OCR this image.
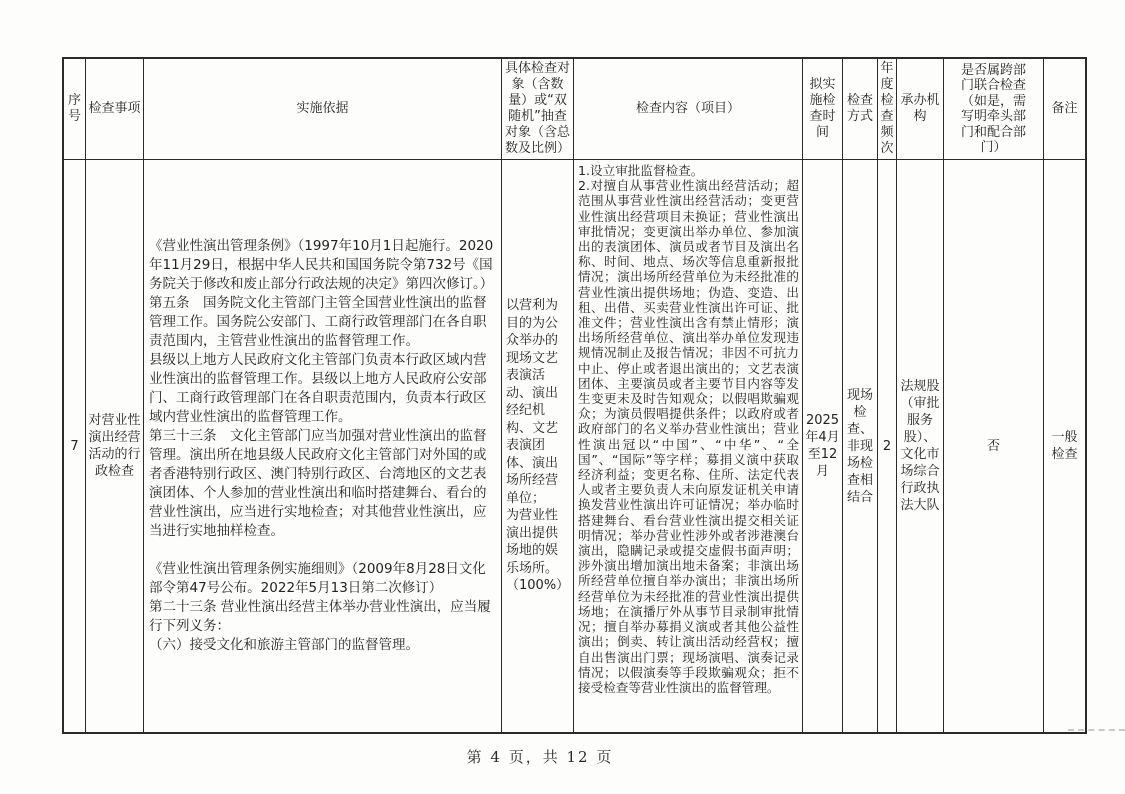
序号
检查事项	实施依据
具体检查对象（含数量）或“双随机”抽查对象（含总数及比例）
检查内容（项目）
拟实施检查时间
检查方式
年度检查频次
承办机构
是否属跨部门联合检查（如是，需写明牵头部门和配合部门）
备注
7
对营业性演出经营活动的行政检查
《营业性演出管理条例》（1997年10月1日起施行。2020年11月29日，根据中华人民共和国国务院令第732号《国务院关于修改和废止部分行政法规的决定》第四次修订。）
第五条　国务院文化主管部门主管全国营业性演出的监督管理工作。国务院公安部门、工商行政管理部门在各自职责范围内，主管营业性演出的监督管理工作。
县级以上地方人民政府文化主管部门负责本行政区域内营业性演出的监督管理工作。县级以上地方人民政府公安部门、工商行政管理部门在各自职责范围内，负责本行政区域内营业性演出的监督管理工作。
第三十三条　文化主管部门应当加强对营业性演出的监督管理。演出所在地县级人民政府文化主管部门对外国的或者香港特别行政区、澳门特别行政区、台湾地区的文艺表演团体、个人参加的营业性演出和临时搭建舞台、看台的营业性演出，应当进行实地检查；对其他营业性演出，应当进行实地抽样检查。
《营业性演出管理条例实施细则》（2009年8月28日文化部令第47号公布。2022年5月13日第二次修订）
第二十三条 营业性演出经营主体举办营业性演出，应当履行下列义务：
（六）接受文化和旅游主管部门的监督管理。
以营利为目的为公众举办的现场文艺表演活动、演出经纪机构、文艺表演团体、演出场所经营单位；
为营业性演出提供场地的娱乐场所。（100%）
1.设立审批监督检查。
2.对擅自从事营业性演出经营活动；超范围从事营业性演出经营活动；变更营业性演出经营项目未换证；营业性演出审批情况；变更演出举办单位、参加演出的表演团体、演员或者节目及演出名称、时间、地点、场次等信息重新报批情况；演出场所经营单位为未经批准的营业性演出提供场地；伪造、变造、出租、出借、买卖营业性演出许可证、批准文件；营业性演出含有禁止情形；演出场所经营单位、演出举办单位发现违规情况制止及报告情况；非因不可抗力中止、停止或者退出演出的；文艺表演团体、主要演员或者主要节目内容等发生变更未及时告知观众；以假唱欺骗观众；为演员假唱提供条件；以政府或者政府部门的名义举办营业性演出；营业性演出冠以“中国”、“中华”、“全国”、“国际”等字样；募捐义演中获取经济利益；变更名称、住所、法定代表人或者主要负责人未向原发证机关申请换发营业性演出许可证情况；举办临时搭建舞台、看台营业性演出提交相关证明情况；举办营业性涉外或者涉港澳台演出，隐瞒记录或提交虚假书面声明；涉外演出增加演出地未备案；非演出场所经营单位擅自举办演出；非演出场所经营单位为未经批准的营业性演出提供场地；在演播厅外从事节目录制审批情况；擅自举办募捐义演或者其他公益性演出；倒卖、转让演出活动经营权；擅自出售演出门票；现场演唱、演奏记录情况；以假演奏等手段欺骗观众；拒不接受检查等营业性演出的监督管理。
2025年4月至12月
现场检查、非现场检查相结合
2
法规股（审批服务股）、文化市场综合行政执法大队
否
一般检查
第 4 页，共 12 页
